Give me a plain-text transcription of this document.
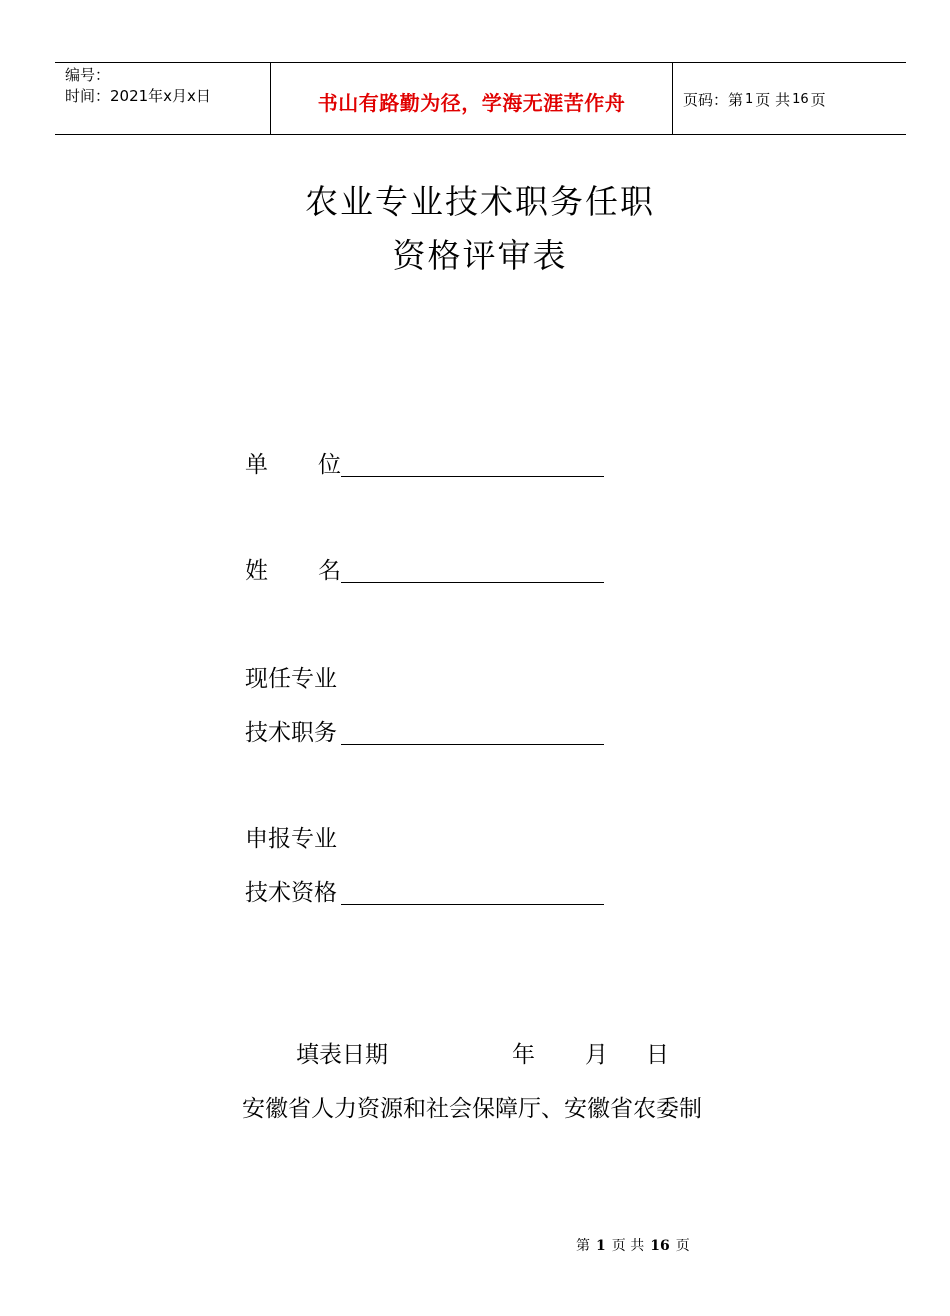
编号：
时间：2021年x月x日	书山有路勤为径，学海无涯苦作舟	页码：第 1 页 共 16 页
农业专业技术职务任职
资格评审表
单 位
姓 名
现任专业
技术职务
申报专业
技术资格
填表日期	年 月 日
安徽省人力资源和社会保障厅、安徽省农委制
第 1 页 共 16 页
